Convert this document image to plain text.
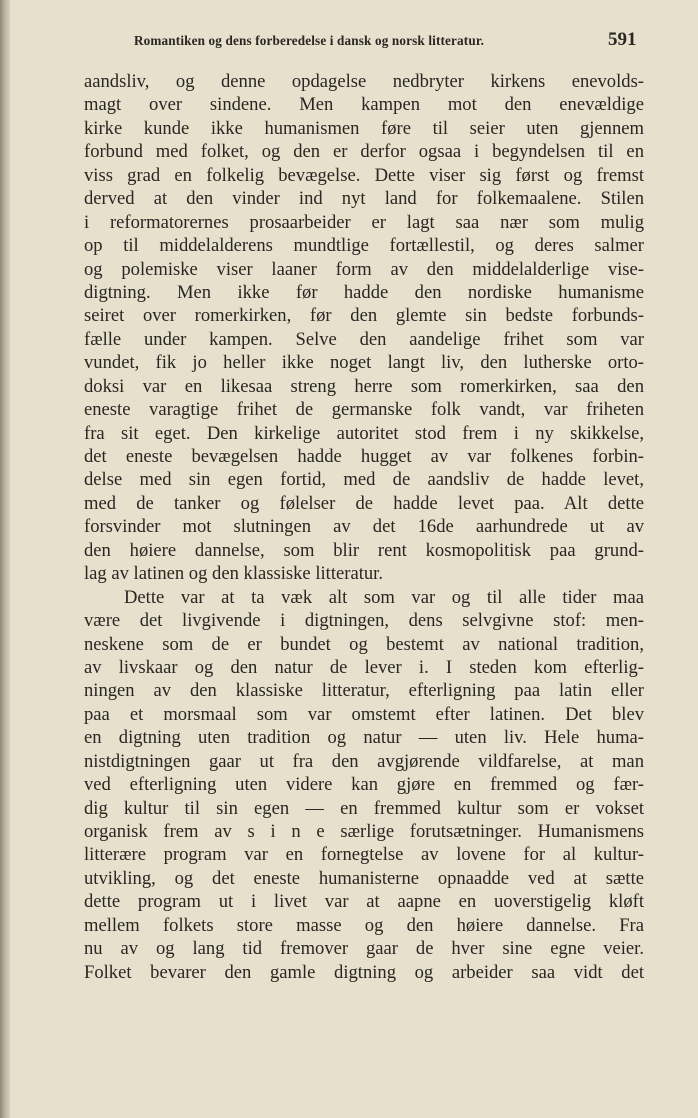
Romantiken og dens forberedelse i dansk og norsk litteratur.	591
aandsliv, og denne opdagelse nedbryter kirkens enevolds-
magt over sindene. Men kampen mot den enevældige
kirke kunde ikke humanismen føre til seier uten gjennem
forbund med folket, og den er derfor ogsaa i begyndelsen til en
viss grad en folkelig bevægelse. Dette viser sig først og fremst
derved at den vinder ind nyt land for folkemaalene. Stilen
i reformatorernes prosaarbeider er lagt saa nær som mulig
op til middelalderens mundtlige fortællestil, og deres salmer
og polemiske viser laaner form av den middelalderlige vise-
digtning. Men ikke før hadde den nordiske humanisme
seiret over romerkirken, før den glemte sin bedste forbunds-
fælle under kampen. Selve den aandelige frihet som var
vundet, fik jo heller ikke noget langt liv, den lutherske orto-
doksi var en likesaa streng herre som romerkirken, saa den
eneste varagtige frihet de germanske folk vandt, var friheten
fra sit eget. Den kirkelige autoritet stod frem i ny skikkelse,
det eneste bevægelsen hadde hugget av var folkenes forbin-
delse med sin egen fortid, med de aandsliv de hadde levet,
med de tanker og følelser de hadde levet paa. Alt dette
forsvinder mot slutningen av det 16de aarhundrede ut av
den høiere dannelse, som blir rent kosmopolitisk paa grund-
lag av latinen og den klassiske litteratur.
Dette var at ta væk alt som var og til alle tider maa
være det livgivende i digtningen, dens selvgivne stof: men-
neskene som de er bundet og bestemt av national tradition,
av livskaar og den natur de lever i. I steden kom efterlig-
ningen av den klassiske litteratur, efterligning paa latin eller
paa et morsmaal som var omstemt efter latinen. Det blev
en digtning uten tradition og natur — uten liv. Hele huma-
nistdigtningen gaar ut fra den avgjørende vildfarelse, at man
ved efterligning uten videre kan gjøre en fremmed og fær-
dig kultur til sin egen — en fremmed kultur som er vokset
organisk frem av s i n e særlige forutsætninger. Humanismens
litterære program var en fornegtelse av lovene for al kultur-
utvikling, og det eneste humanisterne opnaadde ved at sætte
dette program ut i livet var at aapne en uoverstigelig kløft
mellem folkets store masse og den høiere dannelse. Fra
nu av og lang tid fremover gaar de hver sine egne veier.
Folket bevarer den gamle digtning og arbeider saa vidt det
